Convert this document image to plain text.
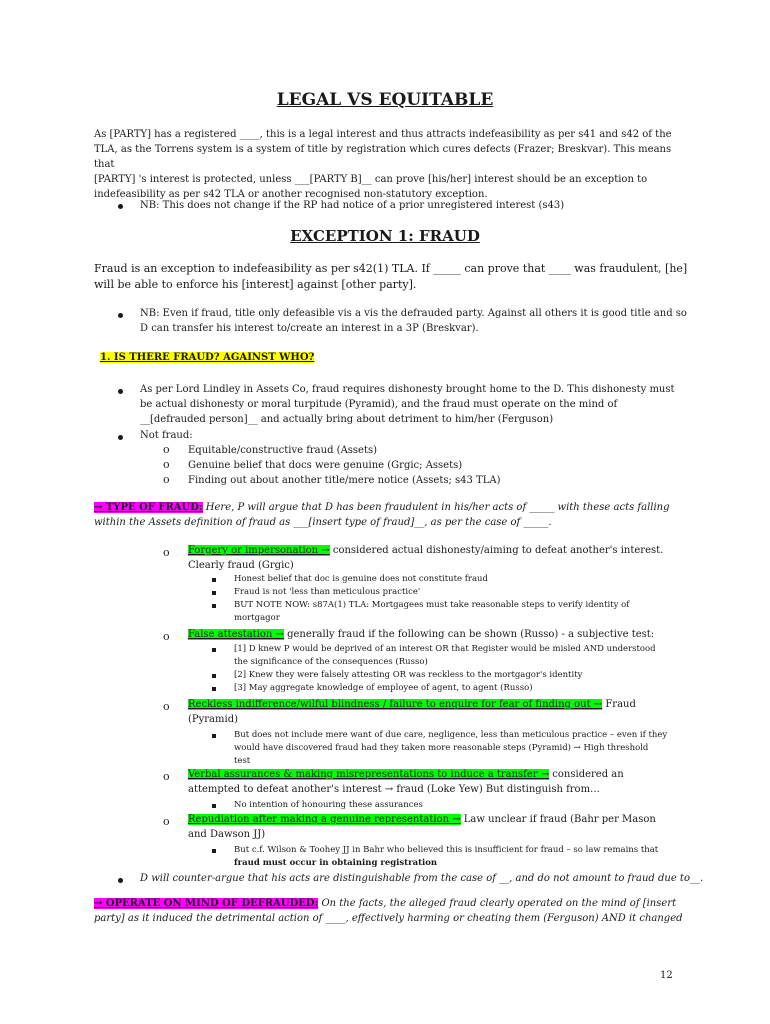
LEGAL VS EQUITABLE
As [PARTY] has a registered ____, this is a legal interest and thus attracts indefeasibility as per s41 and s42 of the
TLA, as the Torrens system is a system of title by registration which cures defects (Frazer; Breskvar). This means that
[PARTY] 's interest is protected, unless ___[PARTY B]__ can prove [his/her] interest should be an exception to
indefeasibility as per s42 TLA or another recognised non-statutory exception.
NB: This does not change if the RP had notice of a prior unregistered interest (s43)
EXCEPTION 1: FRAUD
Fraud is an exception to indefeasibility as per s42(1) TLA. If _____ can prove that ____ was fraudulent, [he]
will be able to enforce his [interest] against [other party].
NB: Even if fraud, title only defeasible vis a vis the defrauded party. Against all others it is good title and so
D can transfer his interest to/create an interest in a 3P (Breskvar).
1. IS THERE FRAUD? AGAINST WHO?
As per Lord Lindley in Assets Co, fraud requires dishonesty brought home to the D. This dishonesty must
be actual dishonesty or moral turpitude (Pyramid), and the fraud must operate on the mind of
__[defrauded person]__ and actually bring about detriment to him/her (Ferguson)
Not fraud:
o Equitable/constructive fraud (Assets)
o Genuine belief that docs were genuine (Grgic; Assets)
o Finding out about another title/mere notice (Assets; s43 TLA)
→ TYPE OF FRAUD: Here, P will argue that D has been fraudulent in his/her acts of _____ with these acts falling
within the Assets definition of fraud as ___[insert type of fraud]__, as per the case of _____.
o Forgery or impersonation → considered actual dishonesty/aiming to defeat another's interest.
Clearly fraud (Grgic)
Honest belief that doc is genuine does not constitute fraud
Fraud is not 'less than meticulous practice'
BUT NOTE NOW: s87A(1) TLA: Mortgagees must take reasonable steps to verify identity of
mortgagor
o False attestation → generally fraud if the following can be shown (Russo) - a subjective test:
[1] D knew P would be deprived of an interest OR that Register would be misled AND understood
the significance of the consequences (Russo)
[2] Knew they were falsely attesting OR was reckless to the mortgagor's identity
[3] May aggregate knowledge of employee of agent, to agent (Russo)
o Reckless indifference/wilful blindness / failure to enquire for fear of finding out → Fraud
(Pyramid)
But does not include mere want of due care, negligence, less than meticulous practice – even if they
would have discovered fraud had they taken more reasonable steps (Pyramid) → High threshold
test
o Verbal assurances & making misrepresentations to induce a transfer → considered an
attempted to defeat another's interest → fraud (Loke Yew) But distinguish from…
No intention of honouring these assurances
o Repudiation after making a genuine representation → Law unclear if fraud (Bahr per Mason
and Dawson JJ)
But c.f. Wilson & Toohey JJ in Bahr who believed this is insufficient for fraud – so law remains that
fraud must occur in obtaining registration
D will counter-argue that his acts are distinguishable from the case of __, and do not amount to fraud due to__.
→ OPERATE ON MIND OF DEFRAUDED: On the facts, the alleged fraud clearly operated on the mind of [insert
party] as it induced the detrimental action of ____, effectively harming or cheating them (Ferguson) AND it changed
12
